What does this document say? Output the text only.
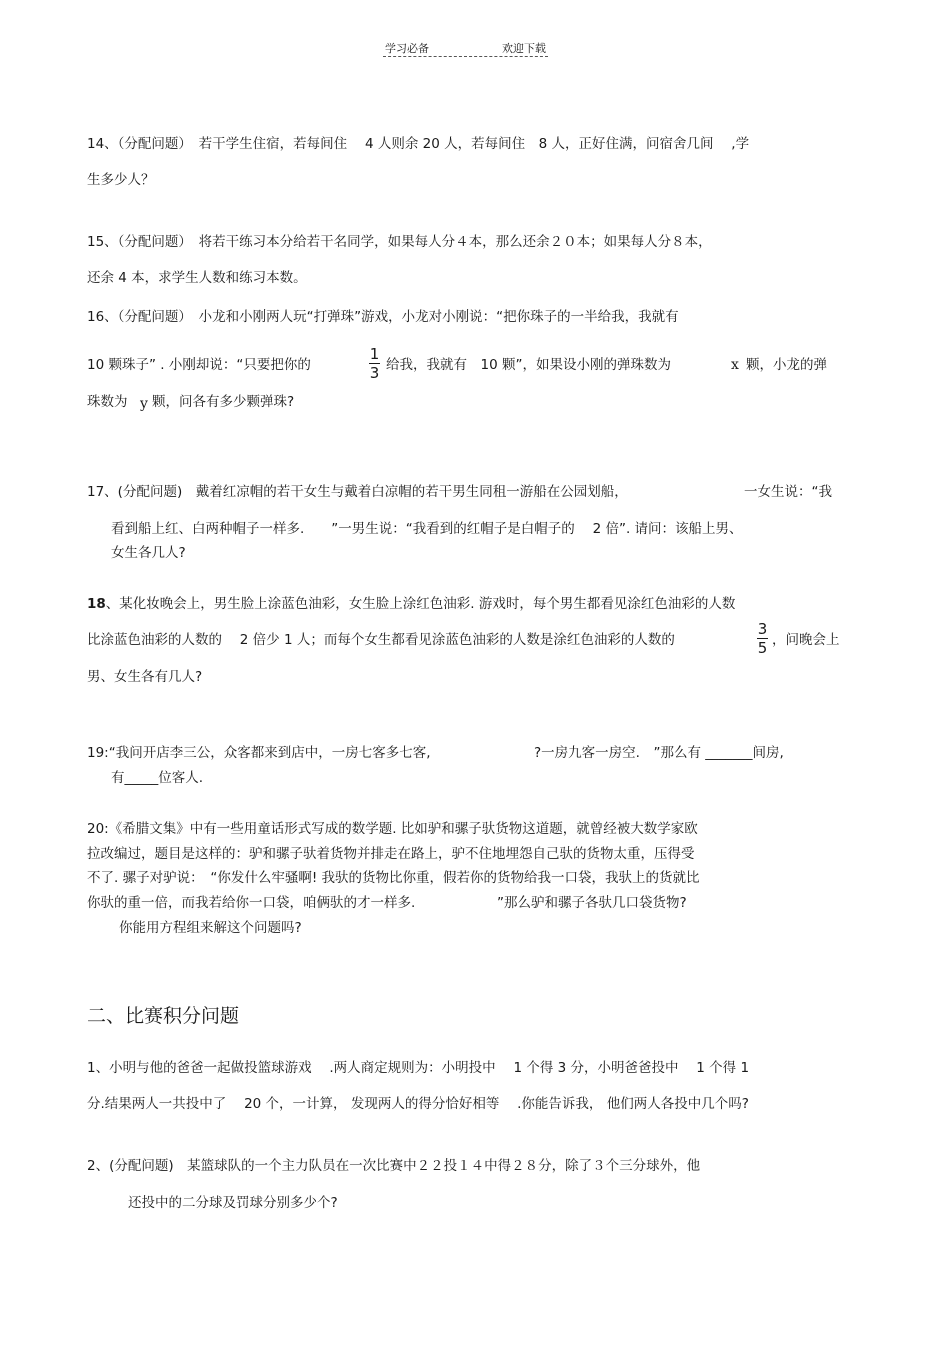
学习必备	欢迎下载
14、（分配问题）　若干学生住宿，若每间住　 4 人则余 20 人，若每间住　8 人，正好住满，问宿舍几间　 ,学
生多少人？
15、（分配问题）　将若干练习本分给若干名同学，如果每人分４本，那么还余２０本；如果每人分８本，
还余 4 本，求学生人数和练习本数。
16、（分配问题）　小龙和小刚两人玩“打弹珠”游戏，小龙对小刚说：“把你珠子的一半给我，我就有
10 颗珠子” . 小刚却说：“只要把你的
1
3 给我，我就有　10 颗”，如果设小刚的弹珠数为	x 颗，小龙的弹
珠数为 y 颗，问各有多少颗弹珠?
17、(分配问题)　戴着红凉帽的若干女生与戴着白凉帽的若干男生同租一游船在公园划船，	一女生说：“我
看到船上红、白两种帽子一样多.　　”一男生说：“我看到的红帽子是白帽子的　 2 倍”. 请问：该船上男、
女生各几人?
18、某化妆晚会上，男生脸上涂蓝色油彩，女生脸上涂红色油彩. 游戏时，每个男生都看见涂红色油彩的人数
比涂蓝色油彩的人数的　 2 倍少 1 人；而每个女生都看见涂蓝色油彩的人数是涂红色油彩的人数的
3
5 ，问晚会上
男、女生各有几人?
19:“我问开店李三公，众客都来到店中，一房七客多七客,	?一房九客一房空.　”那么有 _______间房,
有_____位客人.
20:《希腊文集》中有一些用童话形式写成的数学题. 比如驴和骡子驮货物这道题，就曾经被大数学家欧
拉改编过，题目是这样的：驴和骡子驮着货物并排走在路上，驴不住地埋怨自己驮的货物太重，压得受
不了. 骡子对驴说：　“你发什么牢骚啊! 我驮的货物比你重，假若你的货物给我一口袋，我驮上的货就比
你驮的重一倍，而我若给你一口袋，咱俩驮的才一样多.	”那么驴和骡子各驮几口袋货物?
你能用方程组来解这个问题吗?
二、比赛积分问题
1、小明与他的爸爸一起做投篮球游戏　 .两人商定规则为：小明投中　 1 个得 3 分，小明爸爸投中　 1 个得 1
分.结果两人一共投中了　 20 个，一计算， 发现两人的得分恰好相等　 .你能告诉我， 他们两人各投中几个吗?
2、(分配问题)　某篮球队的一个主力队员在一次比赛中２２投１４中得２８分，除了３个三分球外，他
还投中的二分球及罚球分别多少个?
